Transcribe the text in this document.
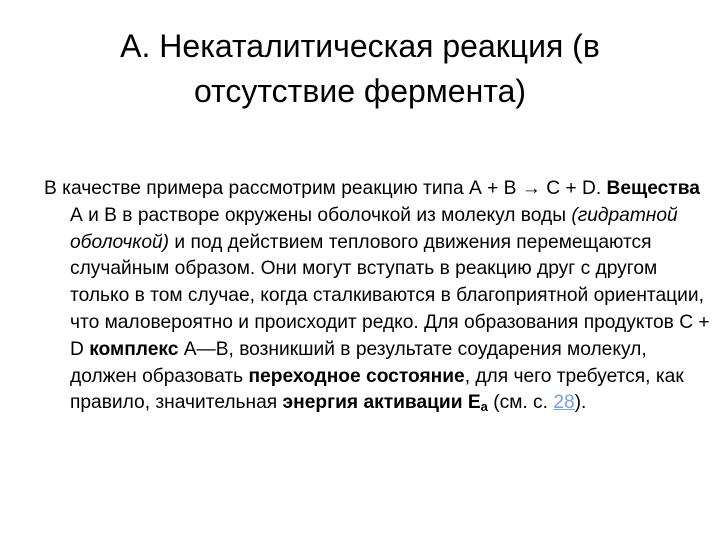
А. Некаталитическая реакция (в
отсутствие фермента)

В качестве примера рассмотрим реакцию типа А + В → С + D. Вещества А и В в растворе окружены оболочкой из молекул воды (гидратной оболочкой) и под действием теплового движения перемещаются случайным образом. Они могут вступать в реакцию друг с другом только в том случае, когда сталкиваются в благоприятной ориентации, что маловероятно и происходит редко. Для образования продуктов С + D комплекс А—В, возникший в результате соударения молекул, должен образовать переходное состояние, для чего требуется, как правило, значительная энергия активации $E_а$ (см. с. 28).
